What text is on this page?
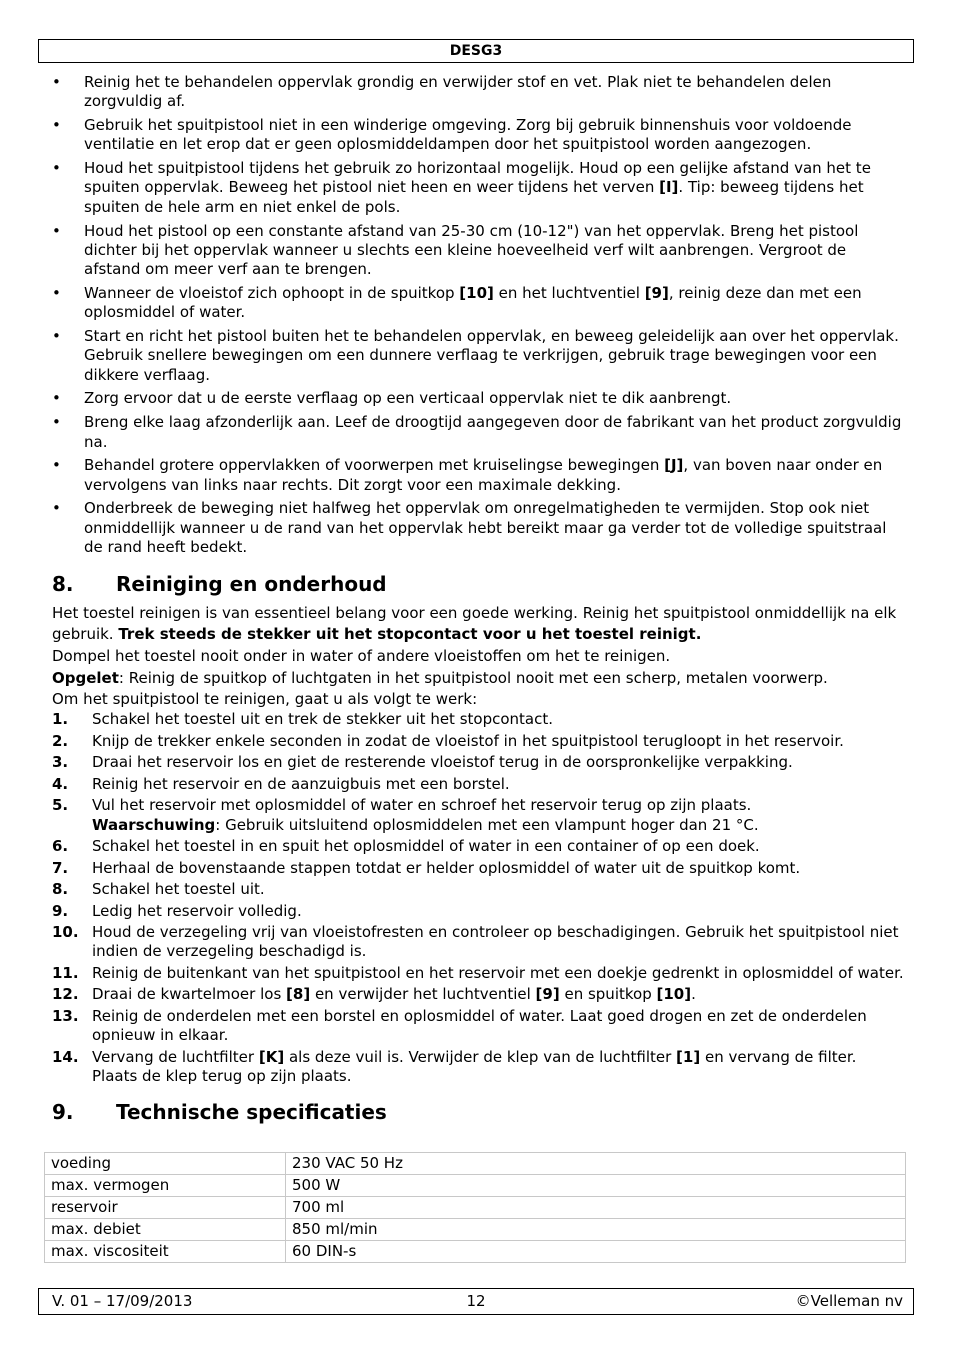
DESG3
• Reinig het te behandelen oppervlak grondig en verwijder stof en vet. Plak niet te behandelen delen zorgvuldig af.
• Gebruik het spuitpistool niet in een winderige omgeving. Zorg bij gebruik binnenshuis voor voldoende ventilatie en let erop dat er geen oplosmiddeldampen door het spuitpistool worden aangezogen.
• Houd het spuitpistool tijdens het gebruik zo horizontaal mogelijk. Houd op een gelijke afstand van het te spuiten oppervlak. Beweeg het pistool niet heen en weer tijdens het verven [I]. Tip: beweeg tijdens het spuiten de hele arm en niet enkel de pols.
• Houd het pistool op een constante afstand van 25-30 cm (10-12") van het oppervlak. Breng het pistool dichter bij het oppervlak wanneer u slechts een kleine hoeveelheid verf wilt aanbrengen. Vergroot de afstand om meer verf aan te brengen.
• Wanneer de vloeistof zich ophoopt in de spuitkop [10] en het luchtventiel [9], reinig deze dan met een oplosmiddel of water.
• Start en richt het pistool buiten het te behandelen oppervlak, en beweeg geleidelijk aan over het oppervlak. Gebruik snellere bewegingen om een dunnere verflaag te verkrijgen, gebruik trage bewegingen voor een dikkere verflaag.
• Zorg ervoor dat u de eerste verflaag op een verticaal oppervlak niet te dik aanbrengt.
• Breng elke laag afzonderlijk aan. Leef de droogtijd aangegeven door de fabrikant van het product zorgvuldig na.
• Behandel grotere oppervlakken of voorwerpen met kruiselingse bewegingen [J], van boven naar onder en vervolgens van links naar rechts. Dit zorgt voor een maximale dekking.
• Onderbreek de beweging niet halfweg het oppervlak om onregelmatigheden te vermijden. Stop ook niet onmiddellijk wanneer u de rand van het oppervlak hebt bereikt maar ga verder tot de volledige spuitstraal de rand heeft bedekt.
8. Reiniging en onderhoud

Het toestel reinigen is van essentieel belang voor een goede werking. Reinig het spuitpistool onmiddellijk na elk gebruik. Trek steeds de stekker uit het stopcontact voor u het toestel reinigt.

Dompel het toestel nooit onder in water of andere vloeistoffen om het te reinigen.

Opgelet: Reinig de spuitkop of luchtgaten in het spuitpistool nooit met een scherp, metalen voorwerp.

Om het spuitpistool te reinigen, gaat u als volgt te werk:

1. Schakel het toestel uit en trek de stekker uit het stopcontact.
2. Knijp de trekker enkele seconden in zodat de vloeistof in het spuitpistool terugloopt in het reservoir.
3. Draai het reservoir los en giet de resterende vloeistof terug in de oorspronkelijke verpakking.
4. Reinig het reservoir en de aanzuigbuis met een borstel.
5. Vul het reservoir met oplosmiddel of water en schroef het reservoir terug op zijn plaats.
Waarschuwing: Gebruik uitsluitend oplosmiddelen met een vlampunt hoger dan 21 °C.
6. Schakel het toestel in en spuit het oplosmiddel of water in een container of op een doek.
7. Herhaal de bovenstaande stappen totdat er helder oplosmiddel of water uit de spuitkop komt.
8. Schakel het toestel uit.
9. Ledig het reservoir volledig.
10. Houd de verzegeling vrij van vloeistofresten en controleer op beschadigingen. Gebruik het spuitpistool niet indien de verzegeling beschadigd is.
11. Reinig de buitenkant van het spuitpistool en het reservoir met een doekje gedrenkt in oplosmiddel of water.
12. Draai de kwartelmoer los [8] en verwijder het luchtventiel [9] en spuitkop [10].
13. Reinig de onderdelen met een borstel en oplosmiddel of water. Laat goed drogen en zet de onderdelen opnieuw in elkaar.
14. Vervang de luchtfilter [K] als deze vuil is. Verwijder de klep van de luchtfilter [1] en vervang de filter. Plaats de klep terug op zijn plaats.
9. Technische specificaties
voeding	230 VAC 50 Hz
max. vermogen	500 W
reservoir	700 ml
max. debiet	850 ml/min
max. viscositeit	60 DIN-s
V. 01 – 17/09/2013	12	©Velleman nv
